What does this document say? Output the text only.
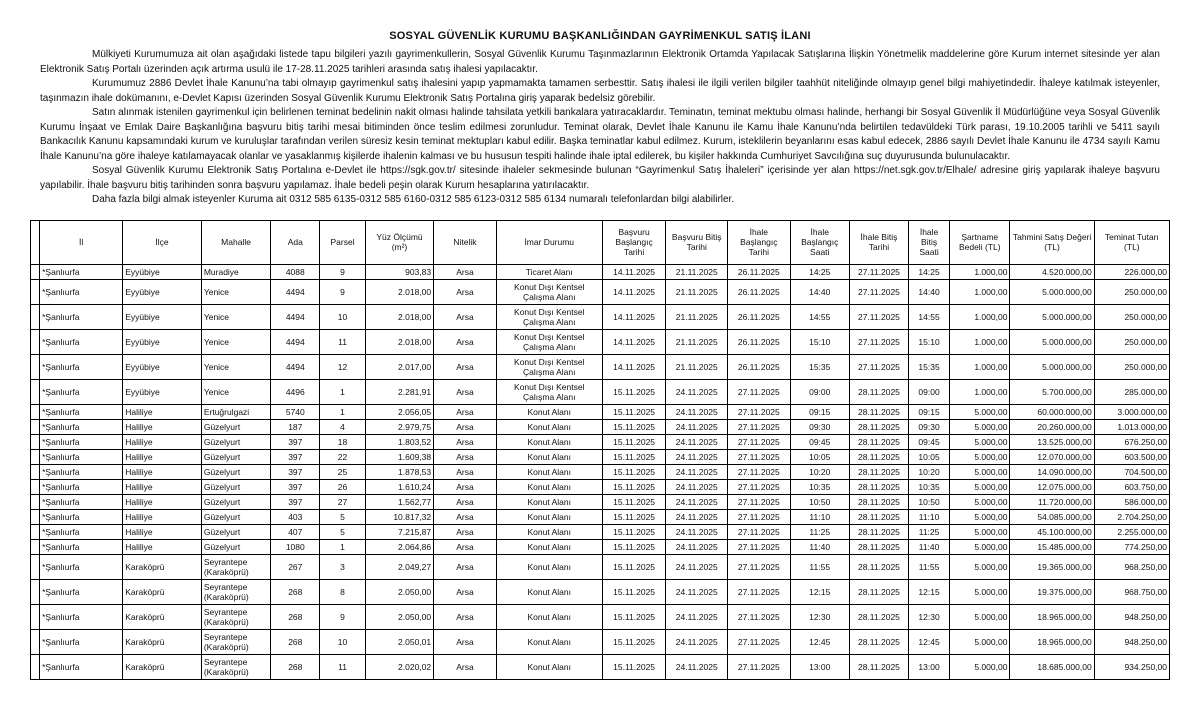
SOSYAL GÜVENLİK KURUMU BAŞKANLIĞINDAN GAYRİMENKUL SATIŞ İLANI

Mülkiyeti Kurumumuza ait olan aşağıdaki listede tapu bilgileri yazılı gayrimenkullerin, Sosyal Güvenlik Kurumu Taşınmazlarının Elektronik Ortamda Yapılacak Satışlarına İlişkin Yönetmelik maddelerine göre Kurum internet sitesinde yer alan Elektronik Satış Portalı üzerinden açık artırma usulü ile 17-28.11.2025 tarihleri arasında satış ihalesi yapılacaktır.

Kurumumuz 2886 Devlet İhale Kanunu’na tabi olmayıp gayrimenkul satış ihalesini yapıp yapmamakta tamamen serbesttir. Satış ihalesi ile ilgili verilen bilgiler taahhüt niteliğinde olmayıp genel bilgi mahiyetindedir. İhaleye katılmak isteyenler, taşınmazın ihale dokümanını, e-Devlet Kapısı üzerinden Sosyal Güvenlik Kurumu Elektronik Satış Portalına giriş yaparak bedelsiz görebilir.

Satın alınmak istenilen gayrimenkul için belirlenen teminat bedelinin nakit olması halinde tahsilata yetkili bankalara yatıracaklardır. Teminatın, teminat mektubu olması halinde, herhangi bir Sosyal Güvenlik İl Müdürlüğüne veya Sosyal Güvenlik Kurumu İnşaat ve Emlak Daire Başkanlığına başvuru bitiş tarihi mesai bitiminden önce teslim edilmesi zorunludur. Teminat olarak, Devlet İhale Kanunu ile Kamu İhale Kanunu’nda belirtilen tedavüldeki Türk parası, 19.10.2005 tarihli ve 5411 sayılı Bankacılık Kanunu kapsamındaki kurum ve kuruluşlar tarafından verilen süresiz kesin teminat mektupları kabul edilir. Başka teminatlar kabul edilmez. Kurum, isteklilerin beyanlarını esas kabul edecek, 2886 sayılı Devlet İhale Kanunu ile 4734 sayılı Kamu İhale Kanunu’na göre ihaleye katılamayacak olanlar ve yasaklanmış kişilerde ihalenin kalması ve bu hususun tespiti halinde ihale iptal edilerek, bu kişiler hakkında Cumhuriyet Savcılığına suç duyurusunda bulunulacaktır.

Sosyal Güvenlik Kurumu Elektronik Satış Portalına e-Devlet ile https://sgk.gov.tr/ sitesinde ihaleler sekmesinde bulunan “Gayrimenkul Satış İhaleleri” içerisinde yer alan https://net.sgk.gov.tr/Elhale/ adresine giriş yapılarak ihaleye başvuru yapılabilir. İhale başvuru bitiş tarihinden sonra başvuru yapılamaz. İhale bedeli peşin olarak Kurum hesaplarına yatırılacaktır.

Daha fazla bilgi almak isteyenler Kuruma ait 0312 585 6135-0312 585 6160-0312 585 6123-0312 585 6134 numaralı telefonlardan bilgi alabilirler.

	İl	İlçe	Mahalle	Ada	Parsel	Yüz Ölçümü (m²)	Nitelik	İmar Durumu	Başvuru Başlangıç Tarihi	Başvuru Bitiş Tarihi	İhale Başlangıç Tarihi	İhale Başlangıç Saati	İhale Bitiş Tarihi	İhale Bitiş Saati	Şartname Bedeli (TL)	Tahmini Satış Değeri (TL)	Teminat Tutarı (TL)
	*Şanlıurfa	Eyyübiye	Muradiye	4088	9	903,83	Arsa	Ticaret Alanı	14.11.2025	21.11.2025	26.11.2025	14:25	27.11.2025	14:25	1.000,00	4.520.000,00	226.000,00
	*Şanlıurfa	Eyyübiye	Yenice	4494	9	2.018,00	Arsa	Konut Dışı Kentsel Çalışma Alanı	14.11.2025	21.11.2025	26.11.2025	14:40	27.11.2025	14:40	1.000,00	5.000.000,00	250.000,00
	*Şanlıurfa	Eyyübiye	Yenice	4494	10	2.018,00	Arsa	Konut Dışı Kentsel Çalışma Alanı	14.11.2025	21.11.2025	26.11.2025	14:55	27.11.2025	14:55	1.000,00	5.000.000,00	250.000,00
	*Şanlıurfa	Eyyübiye	Yenice	4494	11	2.018,00	Arsa	Konut Dışı Kentsel Çalışma Alanı	14.11.2025	21.11.2025	26.11.2025	15:10	27.11.2025	15:10	1.000,00	5.000.000,00	250.000,00
	*Şanlıurfa	Eyyübiye	Yenice	4494	12	2.017,00	Arsa	Konut Dışı Kentsel Çalışma Alanı	14.11.2025	21.11.2025	26.11.2025	15:35	27.11.2025	15:35	1.000,00	5.000.000,00	250.000,00
	*Şanlıurfa	Eyyübiye	Yenice	4496	1	2.281,91	Arsa	Konut Dışı Kentsel Çalışma Alanı	15.11.2025	24.11.2025	27.11.2025	09:00	28.11.2025	09:00	1.000,00	5.700.000,00	285.000,00
	*Şanlıurfa	Haliliye	Ertuğrulgazi	5740	1	2.056,05	Arsa	Konut Alanı	15.11.2025	24.11.2025	27.11.2025	09:15	28.11.2025	09:15	5.000,00	60.000.000,00	3.000.000,00
	*Şanlıurfa	Haliliye	Güzelyurt	187	4	2.979,75	Arsa	Konut Alanı	15.11.2025	24.11.2025	27.11.2025	09:30	28.11.2025	09:30	5.000,00	20.260.000,00	1.013.000,00
	*Şanlıurfa	Haliliye	Güzelyurt	397	18	1.803,52	Arsa	Konut Alanı	15.11.2025	24.11.2025	27.11.2025	09:45	28.11.2025	09:45	5.000,00	13.525.000,00	676.250,00
	*Şanlıurfa	Haliliye	Güzelyurt	397	22	1.609,38	Arsa	Konut Alanı	15.11.2025	24.11.2025	27.11.2025	10:05	28.11.2025	10:05	5.000,00	12.070.000,00	603.500,00
	*Şanlıurfa	Haliliye	Güzelyurt	397	25	1.878,53	Arsa	Konut Alanı	15.11.2025	24.11.2025	27.11.2025	10:20	28.11.2025	10:20	5.000,00	14.090.000,00	704.500,00
	*Şanlıurfa	Haliliye	Güzelyurt	397	26	1.610,24	Arsa	Konut Alanı	15.11.2025	24.11.2025	27.11.2025	10:35	28.11.2025	10:35	5.000,00	12.075.000,00	603.750,00
	*Şanlıurfa	Haliliye	Güzelyurt	397	27	1.562,77	Arsa	Konut Alanı	15.11.2025	24.11.2025	27.11.2025	10:50	28.11.2025	10:50	5.000,00	11.720.000,00	586.000,00
	*Şanlıurfa	Haliliye	Güzelyurt	403	5	10.817,32	Arsa	Konut Alanı	15.11.2025	24.11.2025	27.11.2025	11:10	28.11.2025	11:10	5.000,00	54.085.000,00	2.704.250,00
	*Şanlıurfa	Haliliye	Güzelyurt	407	5	7.215,87	Arsa	Konut Alanı	15.11.2025	24.11.2025	27.11.2025	11:25	28.11.2025	11:25	5.000,00	45.100.000,00	2.255.000,00
	*Şanlıurfa	Haliliye	Güzelyurt	1080	1	2.064,86	Arsa	Konut Alanı	15.11.2025	24.11.2025	27.11.2025	11:40	28.11.2025	11:40	5.000,00	15.485.000,00	774.250,00
	*Şanlıurfa	Karaköprü	Seyrantepe (Karaköprü)	267	3	2.049,27	Arsa	Konut Alanı	15.11.2025	24.11.2025	27.11.2025	11:55	28.11.2025	11:55	5.000,00	19.365.000,00	968.250,00
	*Şanlıurfa	Karaköprü	Seyrantepe (Karaköprü)	268	8	2.050,00	Arsa	Konut Alanı	15.11.2025	24.11.2025	27.11.2025	12:15	28.11.2025	12:15	5.000,00	19.375.000,00	968.750,00
	*Şanlıurfa	Karaköprü	Seyrantepe (Karaköprü)	268	9	2.050,00	Arsa	Konut Alanı	15.11.2025	24.11.2025	27.11.2025	12:30	28.11.2025	12:30	5.000,00	18.965.000,00	948.250,00
	*Şanlıurfa	Karaköprü	Seyrantepe (Karaköprü)	268	10	2.050,01	Arsa	Konut Alanı	15.11.2025	24.11.2025	27.11.2025	12:45	28.11.2025	12:45	5.000,00	18.965.000,00	948.250,00
	*Şanlıurfa	Karaköprü	Seyrantepe (Karaköprü)	268	11	2.020,02	Arsa	Konut Alanı	15.11.2025	24.11.2025	27.11.2025	13:00	28.11.2025	13:00	5.000,00	18.685.000,00	934.250,00
